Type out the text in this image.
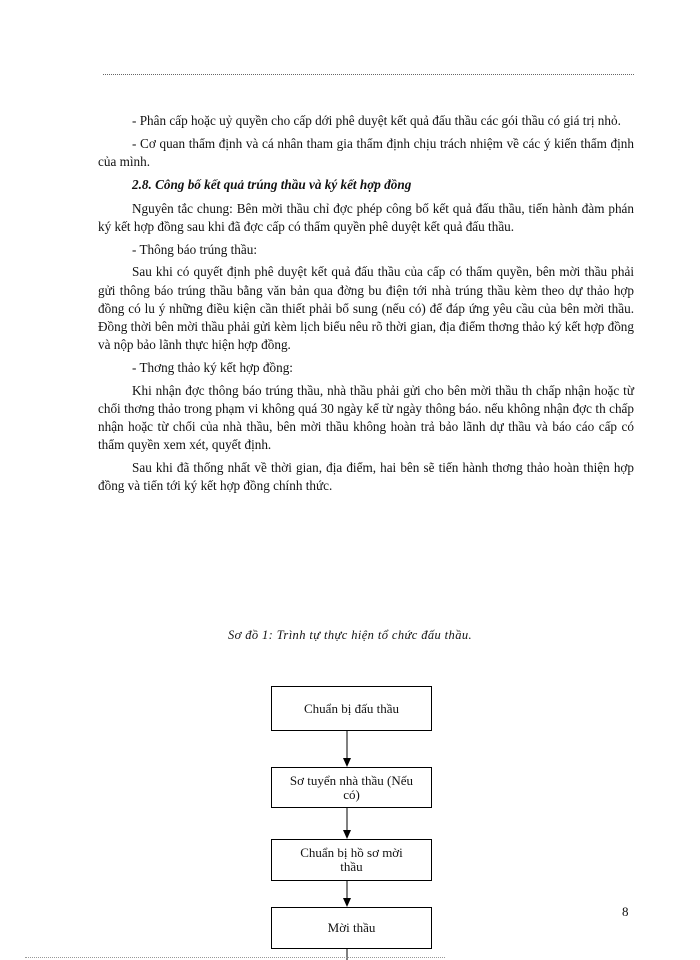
- Phân cấp hoặc uỷ quyền cho cấp dới phê duyệt kết quả đấu thầu các gói thầu có giá trị nhỏ.

- Cơ quan thẩm định và cá nhân tham gia thẩm định chịu trách nhiệm về các ý kiến thẩm định của mình.

2.8. Công bố kết quả trúng thầu và ký kết hợp đồng

Nguyên tắc chung: Bên mời thầu chỉ đợc phép công bố kết quả đấu thầu, tiến hành đàm phán ký kết hợp đồng sau khi đã đợc cấp có thẩm quyền phê duyệt kết quả đấu thầu.

- Thông báo trúng thầu:

Sau khi có quyết định phê duyệt kết quả đấu thầu của cấp có thẩm quyền, bên mời thầu phải gửi thông báo trúng thầu bằng văn bản qua đờng bu điện tới nhà trúng thầu kèm theo dự thảo hợp đồng có lu ý những điều kiện cần thiết phải bổ sung (nếu có) để đáp ứng yêu cầu của bên mời thầu. Đồng thời bên mời thầu phải gửi kèm lịch biểu nêu rõ thời gian, địa điểm thơng thảo ký kết hợp đồng và nộp bảo lãnh thực hiện hợp đồng.

- Thơng thảo ký kết hợp đồng:

Khi nhận đợc thông báo trúng thầu, nhà thầu phải gửi cho bên mời thầu th chấp nhận hoặc từ chối thơng thảo trong phạm vi không quá 30 ngày kể từ ngày thông báo. nếu không nhận đợc th chấp nhận hoặc từ chối của nhà thầu, bên mời thầu không hoàn trả bảo lãnh dự thầu và báo cáo cấp có thẩm quyền xem xét, quyết định.

Sau khi đã thống nhất về thời gian, địa điểm, hai bên sẽ tiến hành thơng thảo hoàn thiện hợp đồng và tiến tới ký kết hợp đồng chính thức.

Sơ đồ 1: Trình tự thực hiện tổ chức đấu thầu.
Chuẩn bị đấu thầu
Sơ tuyển nhà thầu (Nếu
có)
Chuẩn bị hồ sơ mời
thầu
Mời thầu
8
